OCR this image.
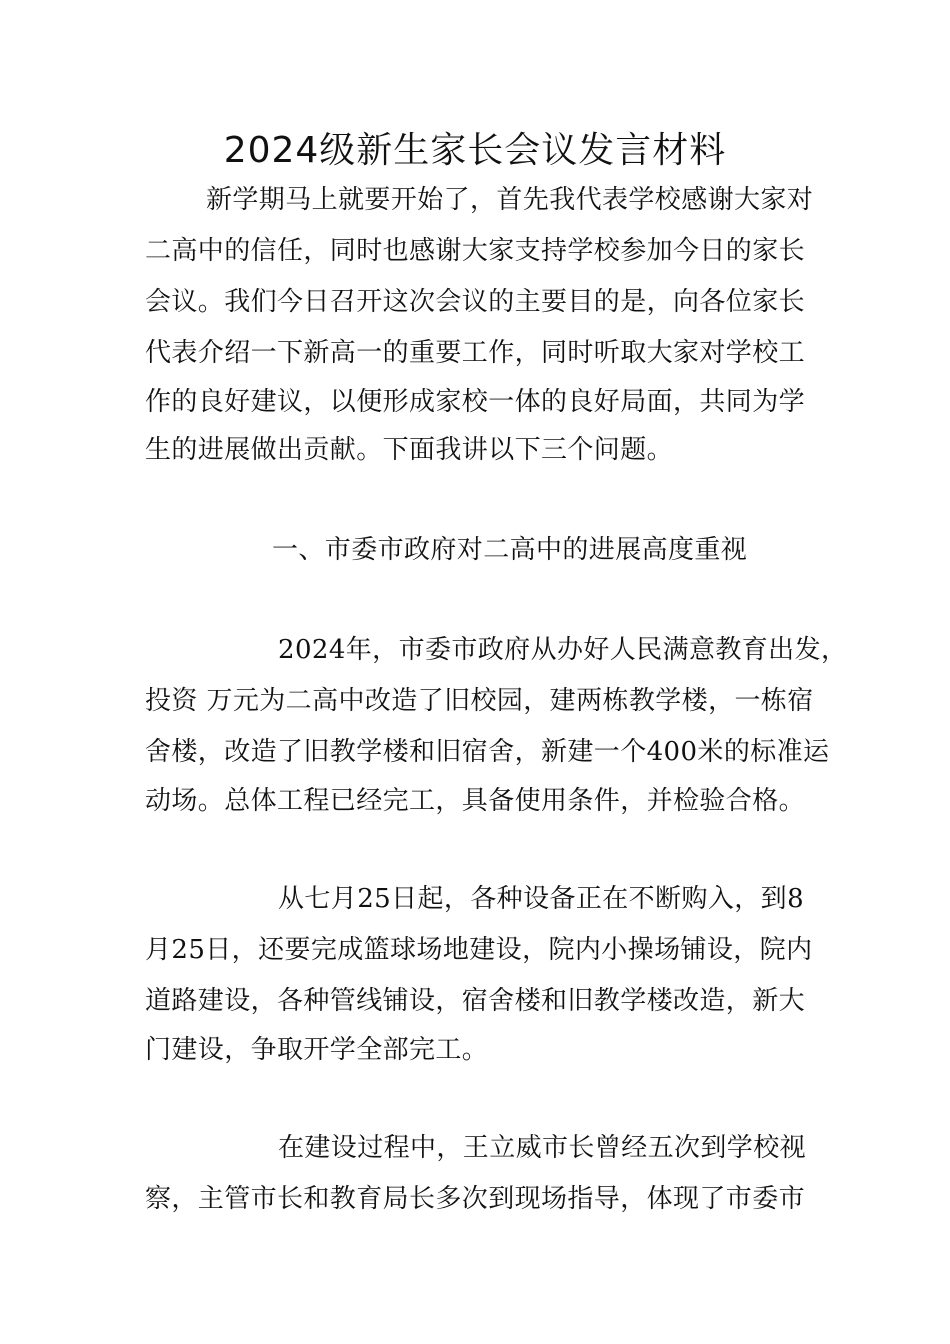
2024级新生家长会议发言材料
新学期马上就要开始了，首先我代表学校感谢大家对
二高中的信任，同时也感谢大家支持学校参加今日的家长
会议。我们今日召开这次会议的主要目的是，向各位家长
代表介绍一下新高一的重要工作，同时听取大家对学校工
作的良好建议，以便形成家校一体的良好局面，共同为学
生的进展做出贡献。下面我讲以下三个问题。
一、市委市政府对二高中的进展高度重视
2024年，市委市政府从办好人民满意教育出发，
投资 万元为二高中改造了旧校园，建两栋教学楼，一栋宿
舍楼，改造了旧教学楼和旧宿舍，新建一个400米的标准运
动场。总体工程已经完工，具备使用条件，并检验合格。
从七月25日起，各种设备正在不断购入，到8
月25日，还要完成篮球场地建设，院内小操场铺设，院内
道路建设，各种管线铺设，宿舍楼和旧教学楼改造，新大
门建设，争取开学全部完工。
在建设过程中，王立威市长曾经五次到学校视
察，主管市长和教育局长多次到现场指导，体现了市委市
